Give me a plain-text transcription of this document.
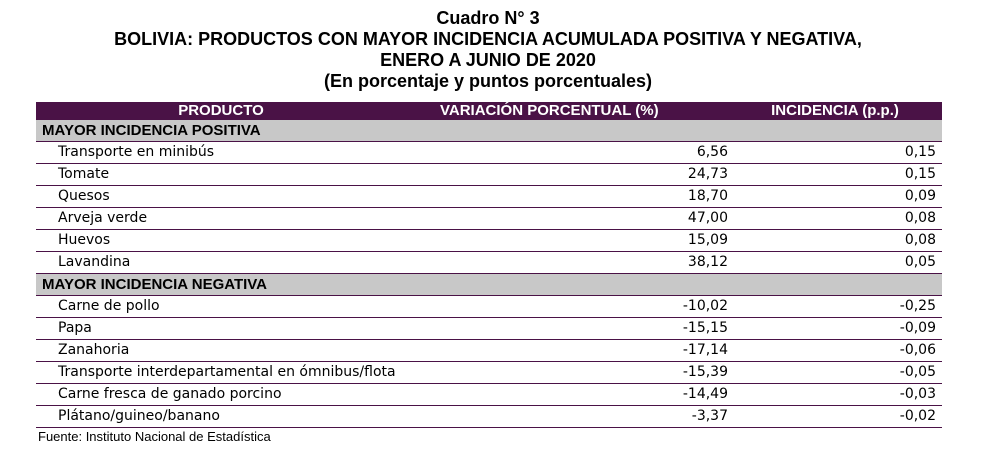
Cuadro N° 3
BOLIVIA: PRODUCTOS CON MAYOR INCIDENCIA ACUMULADA POSITIVA Y NEGATIVA,
ENERO A JUNIO DE 2020
(En porcentaje y puntos porcentuales)
PRODUCTO	VARIACIÓN PORCENTUAL (%)	INCIDENCIA (p.p.)
MAYOR INCIDENCIA POSITIVA		
Transporte en minibús	6,56	0,15
Tomate	24,73	0,15
Quesos	18,70	0,09
Arveja verde	47,00	0,08
Huevos	15,09	0,08
Lavandina	38,12	0,05
MAYOR INCIDENCIA NEGATIVA		
Carne de pollo	-10,02	-0,25
Papa	-15,15	-0,09
Zanahoria	-17,14	-0,06
Transporte interdepartamental en ómnibus/flota	-15,39	-0,05
Carne fresca de ganado porcino	-14,49	-0,03
Plátano/guineo/banano	-3,37	-0,02
Fuente: Instituto Nacional de Estadística
